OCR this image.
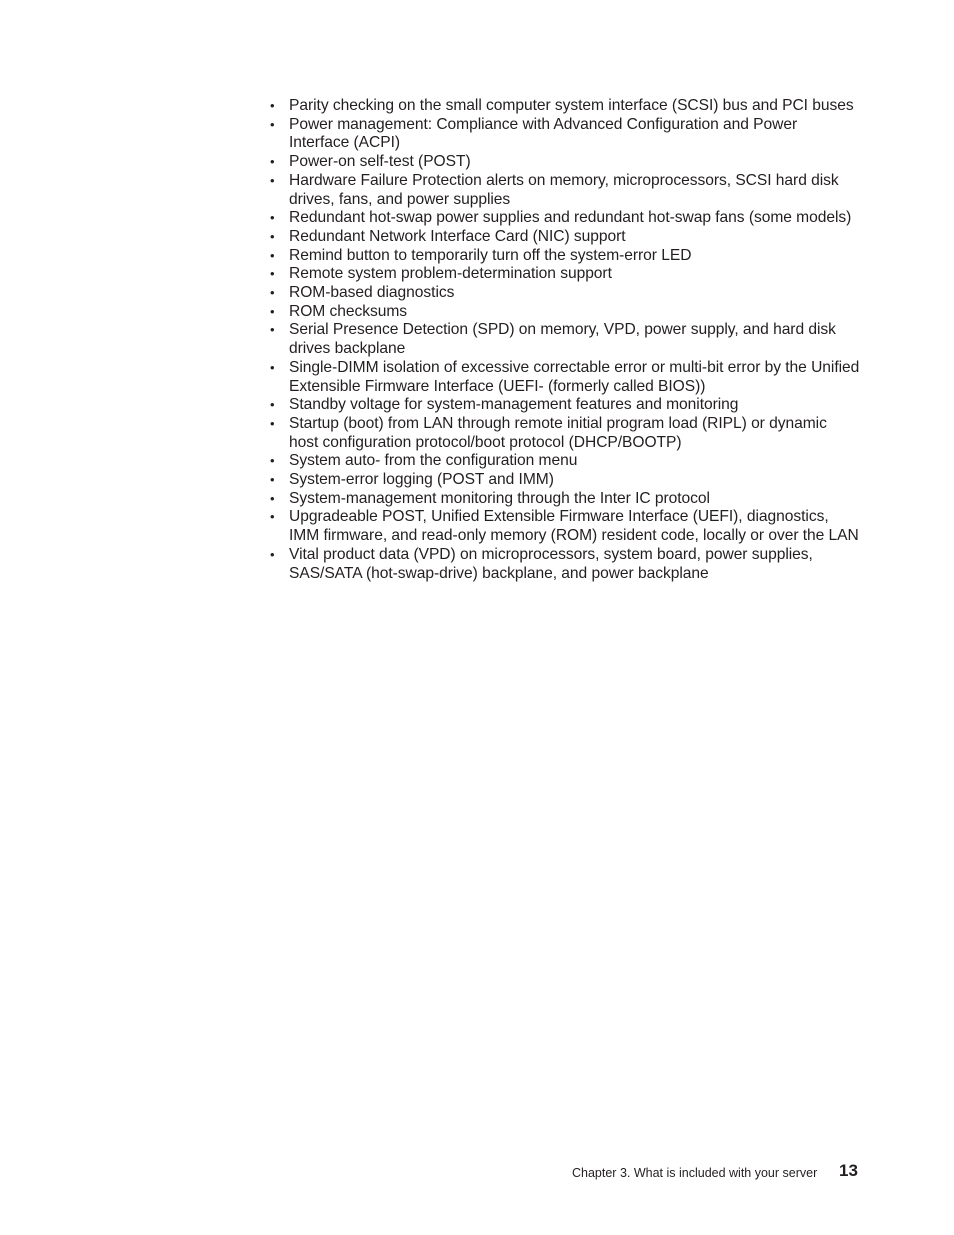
• Parity checking on the small computer system interface (SCSI) bus and PCI buses
• Power management: Compliance with Advanced Configuration and Power Interface (ACPI)
• Power-on self-test (POST)
• Hardware Failure Protection alerts on memory, microprocessors, SCSI hard disk drives, fans, and power supplies
• Redundant hot-swap power supplies and redundant hot-swap fans (some models)
• Redundant Network Interface Card (NIC) support
• Remind button to temporarily turn off the system-error LED
• Remote system problem-determination support
• ROM-based diagnostics
• ROM checksums
• Serial Presence Detection (SPD) on memory, VPD, power supply, and hard disk drives backplane
• Single-DIMM isolation of excessive correctable error or multi-bit error by the Unified Extensible Firmware Interface (UEFI- (formerly called BIOS))
• Standby voltage for system-management features and monitoring
• Startup (boot) from LAN through remote initial program load (RIPL) or dynamic host configuration protocol/boot protocol (DHCP/BOOTP)
• System auto- from the configuration menu
• System-error logging (POST and IMM)
• System-management monitoring through the Inter IC protocol
• Upgradeable POST, Unified Extensible Firmware Interface (UEFI), diagnostics, IMM firmware, and read-only memory (ROM) resident code, locally or over the LAN
• Vital product data (VPD) on microprocessors, system board, power supplies, SAS/SATA (hot-swap-drive) backplane, and power backplane
Chapter 3. What is included with your server 13
